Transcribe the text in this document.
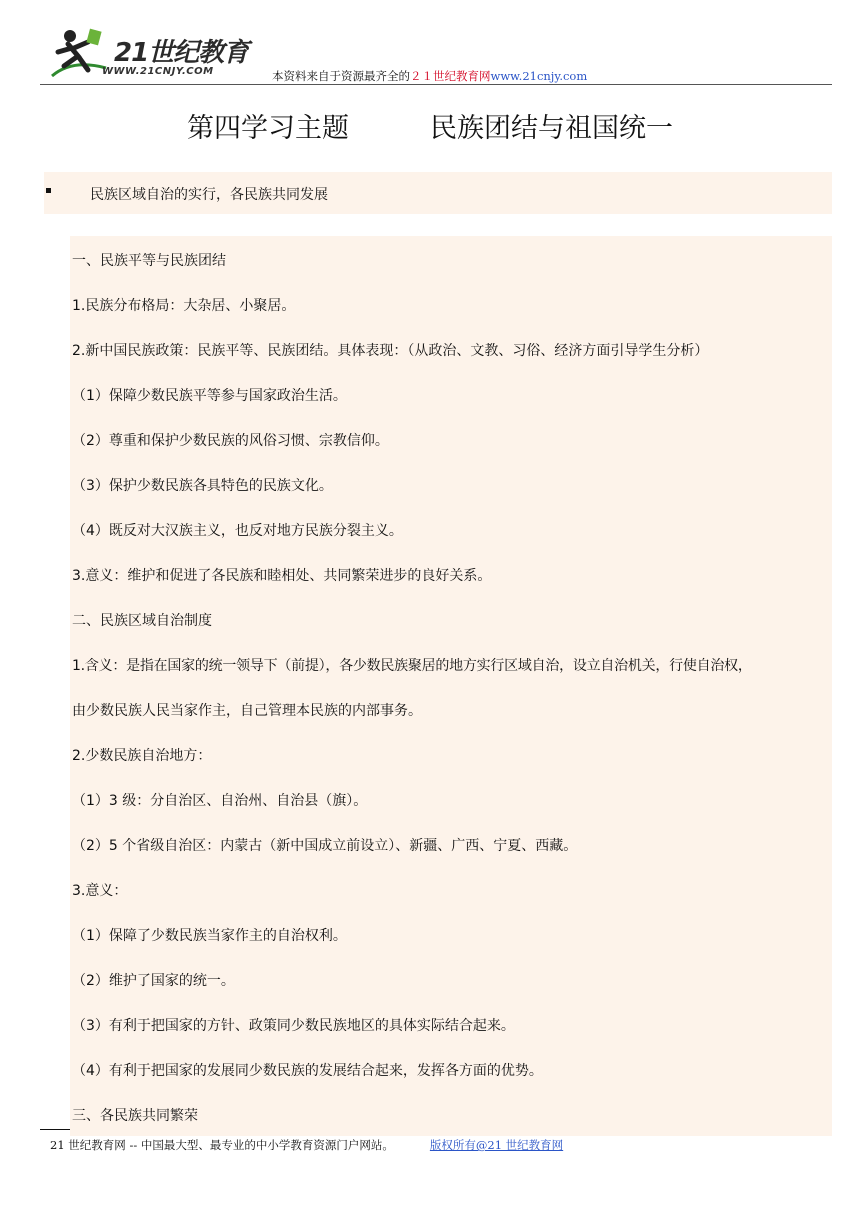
21世纪教育
WWW.21CNJY.COM	本资料来自于资源最齐全的２１世纪教育网www.21cnjy.com
第四学习主题　　　民族团结与祖国统一
民族区域自治的实行，各民族共同发展
一、民族平等与民族团结
1.民族分布格局：大杂居、小聚居。
2.新中国民族政策：民族平等、民族团结。具体表现：（从政治、文教、习俗、经济方面引导学生分析）
（1）保障少数民族平等参与国家政治生活。
（2）尊重和保护少数民族的风俗习惯、宗教信仰。
（3）保护少数民族各具特色的民族文化。
（4）既反对大汉族主义，也反对地方民族分裂主义。
3.意义：维护和促进了各民族和睦相处、共同繁荣进步的良好关系。
二、民族区域自治制度
1.含义：是指在国家的统一领导下（前提），各少数民族聚居的地方实行区域自治，设立自治机关，行使自治权，
由少数民族人民当家作主，自己管理本民族的内部事务。
2.少数民族自治地方：
（1）3 级：分自治区、自治州、自治县（旗）。
（2）5 个省级自治区：内蒙古（新中国成立前设立）、新疆、广西、宁夏、西藏。
3.意义：
（1）保障了少数民族当家作主的自治权利。
（2）维护了国家的统一。
（3）有利于把国家的方针、政策同少数民族地区的具体实际结合起来。
（4）有利于把国家的发展同少数民族的发展结合起来，发挥各方面的优势。
三、各民族共同繁荣
21 世纪教育网 -- 中国最大型、最专业的中小学教育资源门户网站。	版权所有@21 世纪教育网
